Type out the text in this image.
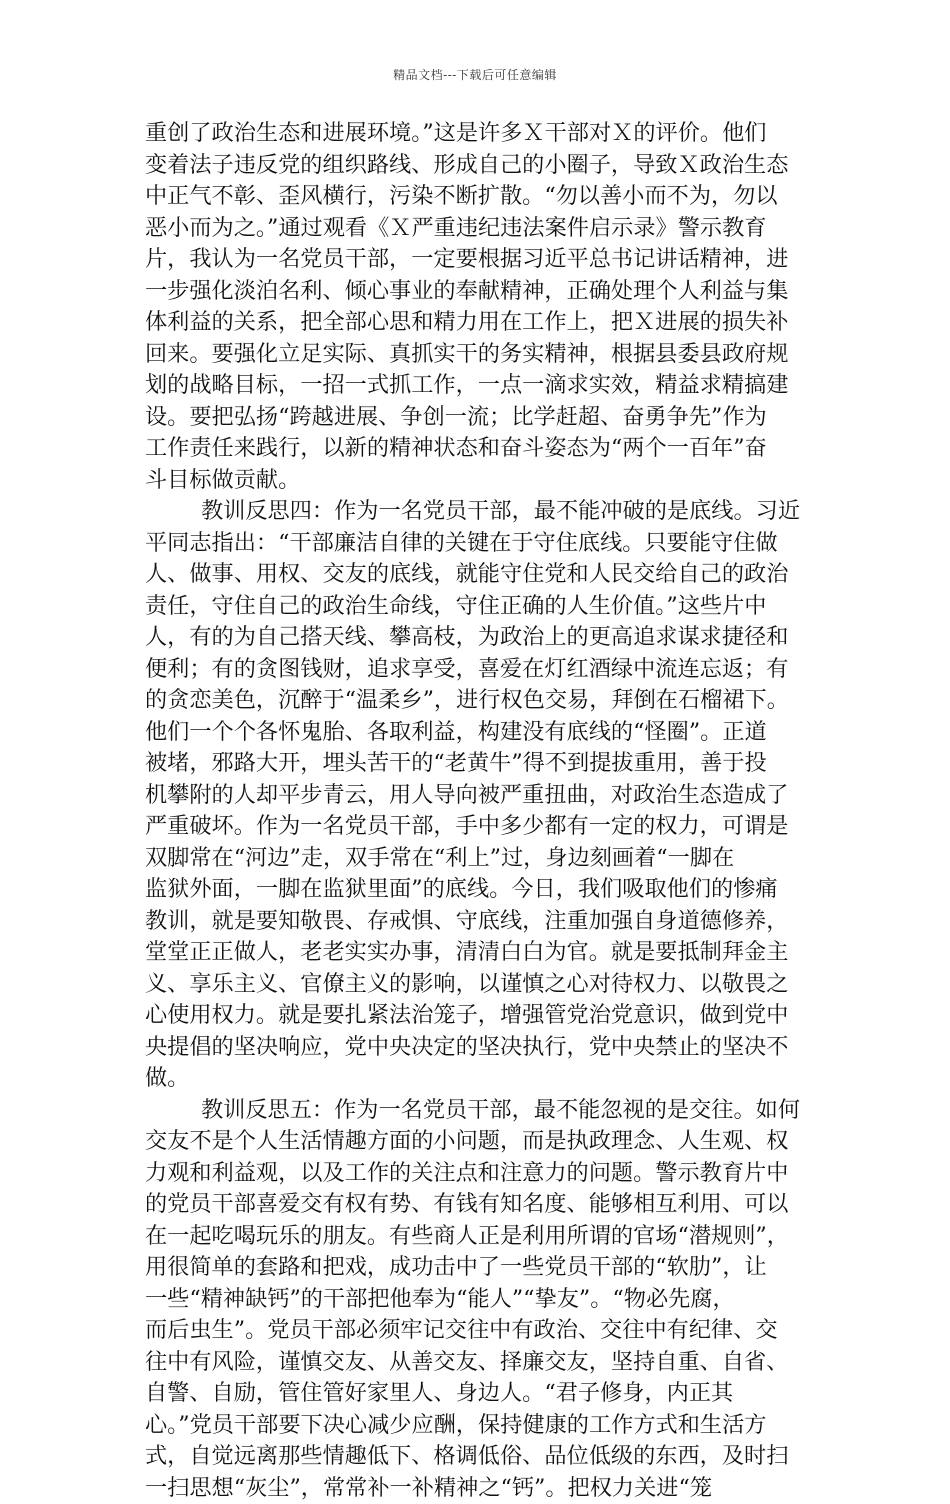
精品文档---下载后可任意编辑
重创了政治生态和进展环境。”这是许多Ｘ干部对Ｘ的评价。他们
变着法子违反党的组织路线、形成自己的小圈子，导致Ｘ政治生态
中正气不彰、歪风横行，污染不断扩散。“勿以善小而不为，勿以
恶小而为之。”通过观看《Ｘ严重违纪违法案件启示录》警示教育
片，我认为一名党员干部，一定要根据习近平总书记讲话精神，进
一步强化淡泊名利、倾心事业的奉献精神，正确处理个人利益与集
体利益的关系，把全部心思和精力用在工作上，把Ｘ进展的损失补
回来。要强化立足实际、真抓实干的务实精神，根据县委县政府规
划的战略目标，一招一式抓工作，一点一滴求实效，精益求精搞建
设。要把弘扬“跨越进展、争创一流；比学赶超、奋勇争先”作为
工作责任来践行，以新的精神状态和奋斗姿态为“两个一百年”奋
斗目标做贡献。
教训反思四：作为一名党员干部，最不能冲破的是底线。习近
平同志指出：“干部廉洁自律的关键在于守住底线。只要能守住做
人、做事、用权、交友的底线，就能守住党和人民交给自己的政治
责任，守住自己的政治生命线，守住正确的人生价值。”这些片中
人，有的为自己搭天线、攀高枝，为政治上的更高追求谋求捷径和
便利；有的贪图钱财，追求享受，喜爱在灯红酒绿中流连忘返；有
的贪恋美色，沉醉于“温柔乡”，进行权色交易，拜倒在石榴裙下。
他们一个个各怀鬼胎、各取利益，构建没有底线的“怪圈”。正道
被堵，邪路大开，埋头苦干的“老黄牛”得不到提拔重用，善于投
机攀附的人却平步青云，用人导向被严重扭曲，对政治生态造成了
严重破坏。作为一名党员干部，手中多少都有一定的权力，可谓是
双脚常在“河边”走，双手常在“利上”过，身边刻画着“一脚在
监狱外面，一脚在监狱里面”的底线。今日，我们吸取他们的惨痛
教训，就是要知敬畏、存戒惧、守底线，注重加强自身道德修养，
堂堂正正做人，老老实实办事，清清白白为官。就是要抵制拜金主
义、享乐主义、官僚主义的影响，以谨慎之心对待权力、以敬畏之
心使用权力。就是要扎紧法治笼子，增强管党治党意识，做到党中
央提倡的坚决响应，党中央决定的坚决执行，党中央禁止的坚决不
做。
教训反思五：作为一名党员干部，最不能忽视的是交往。如何
交友不是个人生活情趣方面的小问题，而是执政理念、人生观、权
力观和利益观，以及工作的关注点和注意力的问题。警示教育片中
的党员干部喜爱交有权有势、有钱有知名度、能够相互利用、可以
在一起吃喝玩乐的朋友。有些商人正是利用所谓的官场“潜规则”，
用很简单的套路和把戏，成功击中了一些党员干部的“软肋”，让
一些“精神缺钙”的干部把他奉为“能人”“挚友”。“物必先腐，
而后虫生”。党员干部必须牢记交往中有政治、交往中有纪律、交
往中有风险，谨慎交友、从善交友、择廉交友，坚持自重、自省、
自警、自励，管住管好家里人、身边人。“君子修身，内正其
心。”党员干部要下决心减少应酬，保持健康的工作方式和生活方
式，自觉远离那些情趣低下、格调低俗、品位低级的东西，及时扫
一扫思想“灰尘”，常常补一补精神之“钙”。把权力关进“笼
